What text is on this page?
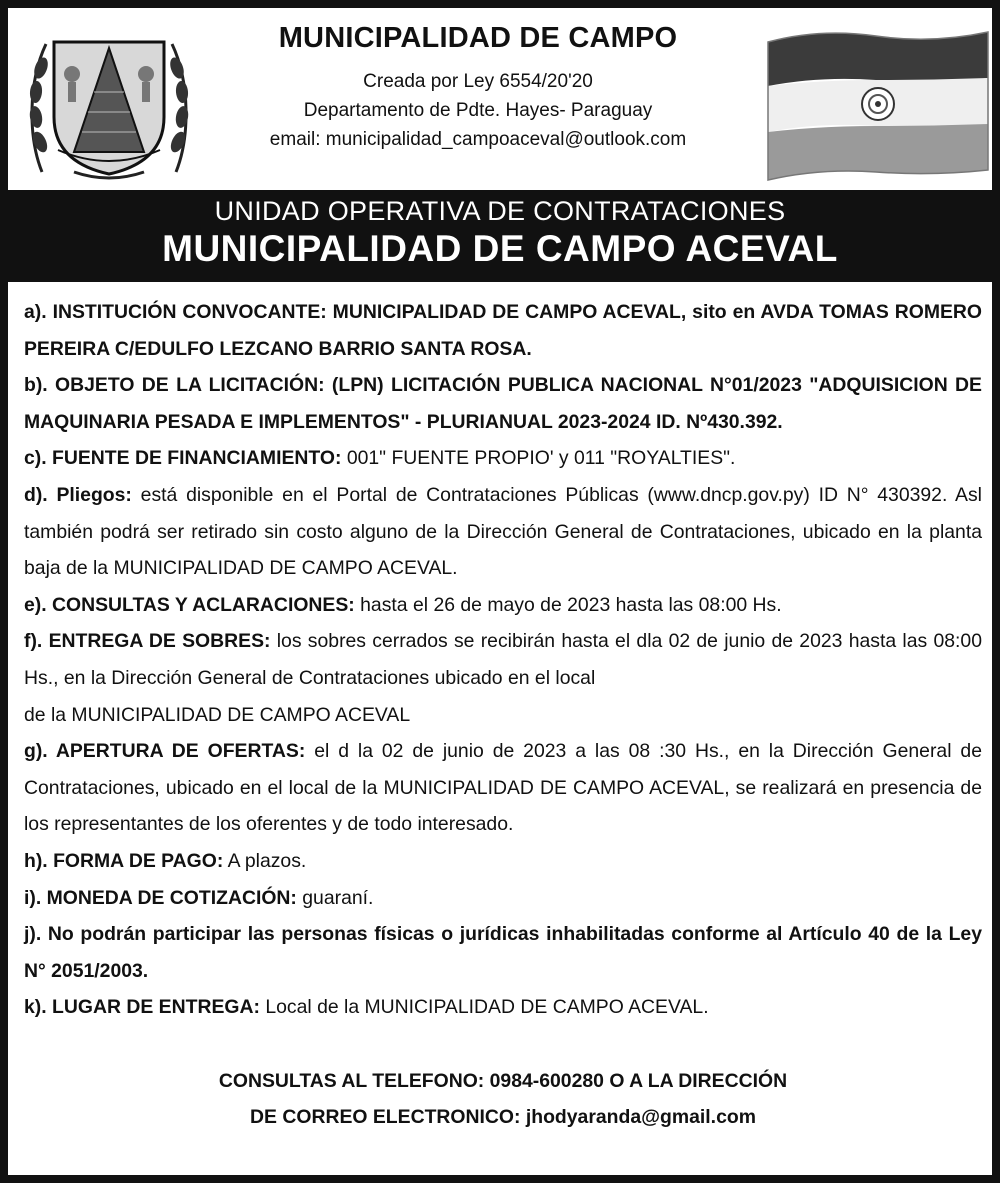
MUNICIPALIDAD DE CAMPO
Creada por Ley 6554/20'20
Departamento de Pdte. Hayes- Paraguay
email: municipalidad_campoaceval@outlook.com
UNIDAD OPERATIVA DE CONTRATACIONES
MUNICIPALIDAD DE CAMPO ACEVAL

a). INSTITUCIÓN CONVOCANTE: MUNICIPALIDAD DE CAMPO ACEVAL, sito en AVDA TOMAS ROMERO PEREIRA C/EDULFO LEZCANO BARRIO SANTA ROSA.

b). OBJETO DE LA LICITACIÓN: (LPN) LICITACIÓN PUBLICA NACIONAL N°01/2023 "ADQUISICION DE MAQUINARIA PESADA E IMPLEMENTOS" - PLURIANUAL 2023-2024 ID. Nº430.392.

c). FUENTE DE FINANCIAMIENTO: 001" FUENTE PROPIO' y 011 "ROYALTIES".

d). Pliegos: está disponible en el Portal de Contrataciones Públicas (www.dncp.gov.py) ID N° 430392. Asl también podrá ser retirado sin costo alguno de la Dirección General de Contrataciones, ubicado en la planta baja de la MUNICIPALIDAD DE CAMPO ACEVAL.

e). CONSULTAS Y ACLARACIONES: hasta el 26 de mayo de 2023 hasta las 08:00 Hs.

f). ENTREGA DE SOBRES: los sobres cerrados se recibirán hasta el dla 02 de junio de 2023 hasta las 08:00 Hs., en la Dirección General de Contrataciones ubicado en el local

de la MUNICIPALIDAD DE CAMPO ACEVAL

g). APERTURA DE OFERTAS: el d la 02 de junio de 2023 a las 08 :30 Hs., en la Dirección General de Contrataciones, ubicado en el local de la MUNICIPALIDAD DE CAMPO ACEVAL, se realizará en presencia de los representantes de los oferentes y de todo interesado.

h). FORMA DE PAGO: A plazos.

i). MONEDA DE COTIZACIÓN: guaraní.

j). No podrán participar las personas físicas o jurídicas inhabilitadas conforme al Artículo 40 de la Ley N° 2051/2003.

k). LUGAR DE ENTREGA: Local de la MUNICIPALIDAD DE CAMPO ACEVAL.

CONSULTAS AL TELEFONO: 0984-600280 O A LA DIRECCIÓN
DE CORREO ELECTRONICO: jhodyaranda@gmail.com
